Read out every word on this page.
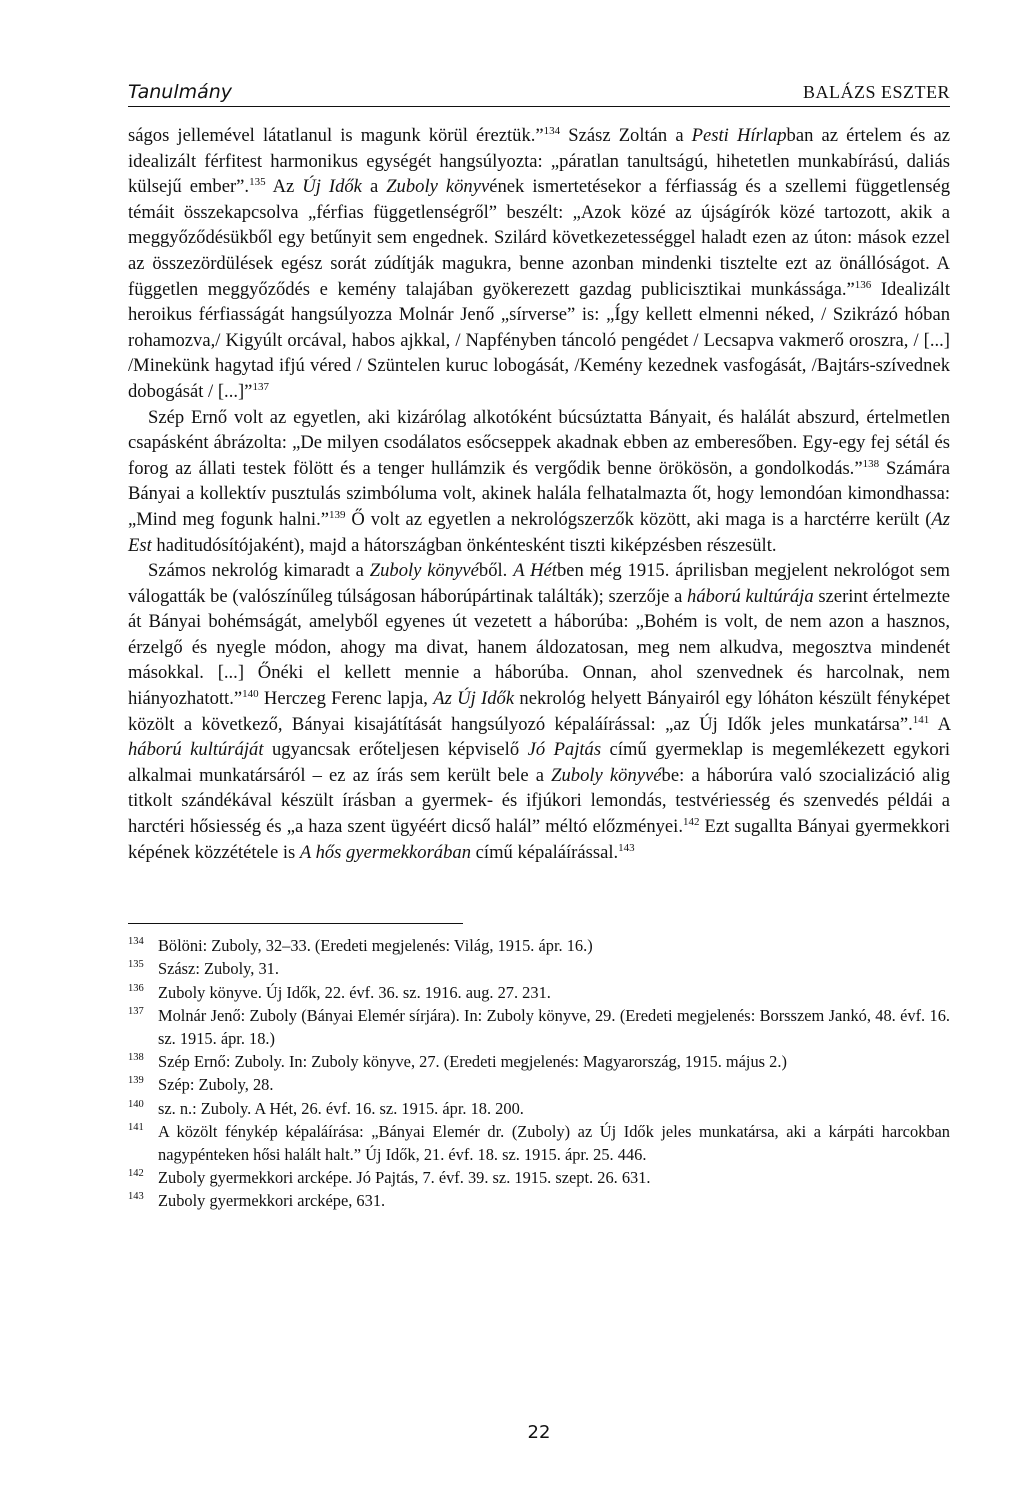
Tanulmány	BALÁZS ESZTER

ságos jellemével látatlanul is magunk körül éreztük.”$^{134}$ Szász Zoltán a Pesti Hírlapban az értelem és az idealizált férfitest harmonikus egységét hangsúlyozta: „páratlan tanultságú, hihetetlen munkabírású, daliás külsejű ember”.$^{135}$ Az Új Idők a Zuboly könyvének ismertetésekor a férfiasság és a szellemi függetlenség témáit összekapcsolva „férfias függetlenségről” beszélt: „Azok közé az újságírók közé tartozott, akik a meggyőződésükből egy betűnyit sem engednek. Szilárd következetességgel haladt ezen az úton: mások ezzel az összezördülések egész sorát zúdítják magukra, benne azonban mindenki tisztelte ezt az önállóságot. A független meggyőződés e kemény talajában gyökerezett gazdag publicisztikai munkássága.”$^{136}$ Idealizált heroikus férfiasságát hangsúlyozza Molnár Jenő „sírverse” is: „Így kellett elmenni néked, / Szikrázó hóban rohamozva,/ Kigyúlt orcával, habos ajkkal, / Napfényben táncoló pengédet / Lecsapva vakmerő oroszra, / [...] /Minekünk hagytad ifjú véred / Szüntelen kuruc lobogását, /Kemény kezednek vasfogását, /Bajtárs-szívednek dobogását / [...]”$^{137}$

Szép Ernő volt az egyetlen, aki kizárólag alkotóként búcsúztatta Bányait, és halálát abszurd, értelmetlen csapásként ábrázolta: „De milyen csodálatos esőcseppek akadnak ebben az emberesőben. Egy-egy fej sétál és forog az állati testek fölött és a tenger hullámzik és vergődik benne örökösön, a gondolkodás.”$^{138}$ Számára Bányai a kollektív pusztulás szimbóluma volt, akinek halála felhatalmazta őt, hogy lemondóan kimondhassa: „Mind meg fogunk halni.”$^{139}$ Ő volt az egyetlen a nekrológszerzők között, aki maga is a harctérre került (Az Est haditudósítójaként), majd a hátországban önkéntesként tiszti kiképzésben részesült.

Számos nekrológ kimaradt a Zuboly könyvéből. A Hétben még 1915. áprilisban megjelent nekrológot sem válogatták be (valószínűleg túlságosan háborúpártinak találták); szerzője a háború kultúrája szerint értelmezte át Bányai bohémságát, amelyből egyenes út vezetett a háborúba: „Bohém is volt, de nem azon a hasznos, érzelgő és nyegle módon, ahogy ma divat, hanem áldozatosan, meg nem alkudva, megosztva mindenét másokkal. [...] Őnéki el kellett mennie a háborúba. Onnan, ahol szenvednek és harcolnak, nem hiányozhatott.”$^{140}$ Herczeg Ferenc lapja, Az Új Idők nekrológ helyett Bányairól egy lóháton készült fényképet közölt a következő, Bányai kisajátítását hangsúlyozó képaláírással: „az Új Idők jeles munkatársa”.$^{141}$ A háború kultúráját ugyancsak erőteljesen képviselő Jó Pajtás című gyermeklap is megemlékezett egykori alkalmai munkatársáról – ez az írás sem került bele a Zuboly könyvébe: a háborúra való szocializáció alig titkolt szándékával készült írásban a gyermek- és ifjúkori lemondás, testvériesség és szenvedés példái a harctéri hősiesség és „a haza szent ügyéért dicső halál” méltó előzményei.$^{142}$ Ezt sugallta Bányai gyermekkori képének közzététele is A hős gyermekkorában című képaláírással.$^{143}$

134 Bölöni: Zuboly, 32–33. (Eredeti megjelenés: Világ, 1915. ápr. 16.)
135 Szász: Zuboly, 31.
136 Zuboly könyve. Új Idők, 22. évf. 36. sz. 1916. aug. 27. 231.
137 Molnár Jenő: Zuboly (Bányai Elemér sírjára). In: Zuboly könyve, 29. (Eredeti megjelenés: Borsszem Jankó, 48. évf. 16. sz. 1915. ápr. 18.)
138 Szép Ernő: Zuboly. In: Zuboly könyve, 27. (Eredeti megjelenés: Magyarország, 1915. május 2.)
139 Szép: Zuboly, 28.
140 sz. n.: Zuboly. A Hét, 26. évf. 16. sz. 1915. ápr. 18. 200.
141 A közölt fénykép képaláírása: „Bányai Elemér dr. (Zuboly) az Új Idők jeles munkatársa, aki a kárpáti harcokban nagypénteken hősi halált halt.” Új Idők, 21. évf. 18. sz. 1915. ápr. 25. 446.
142 Zuboly gyermekkori arcképe. Jó Pajtás, 7. évf. 39. sz. 1915. szept. 26. 631.
143 Zuboly gyermekkori arcképe, 631.
22
